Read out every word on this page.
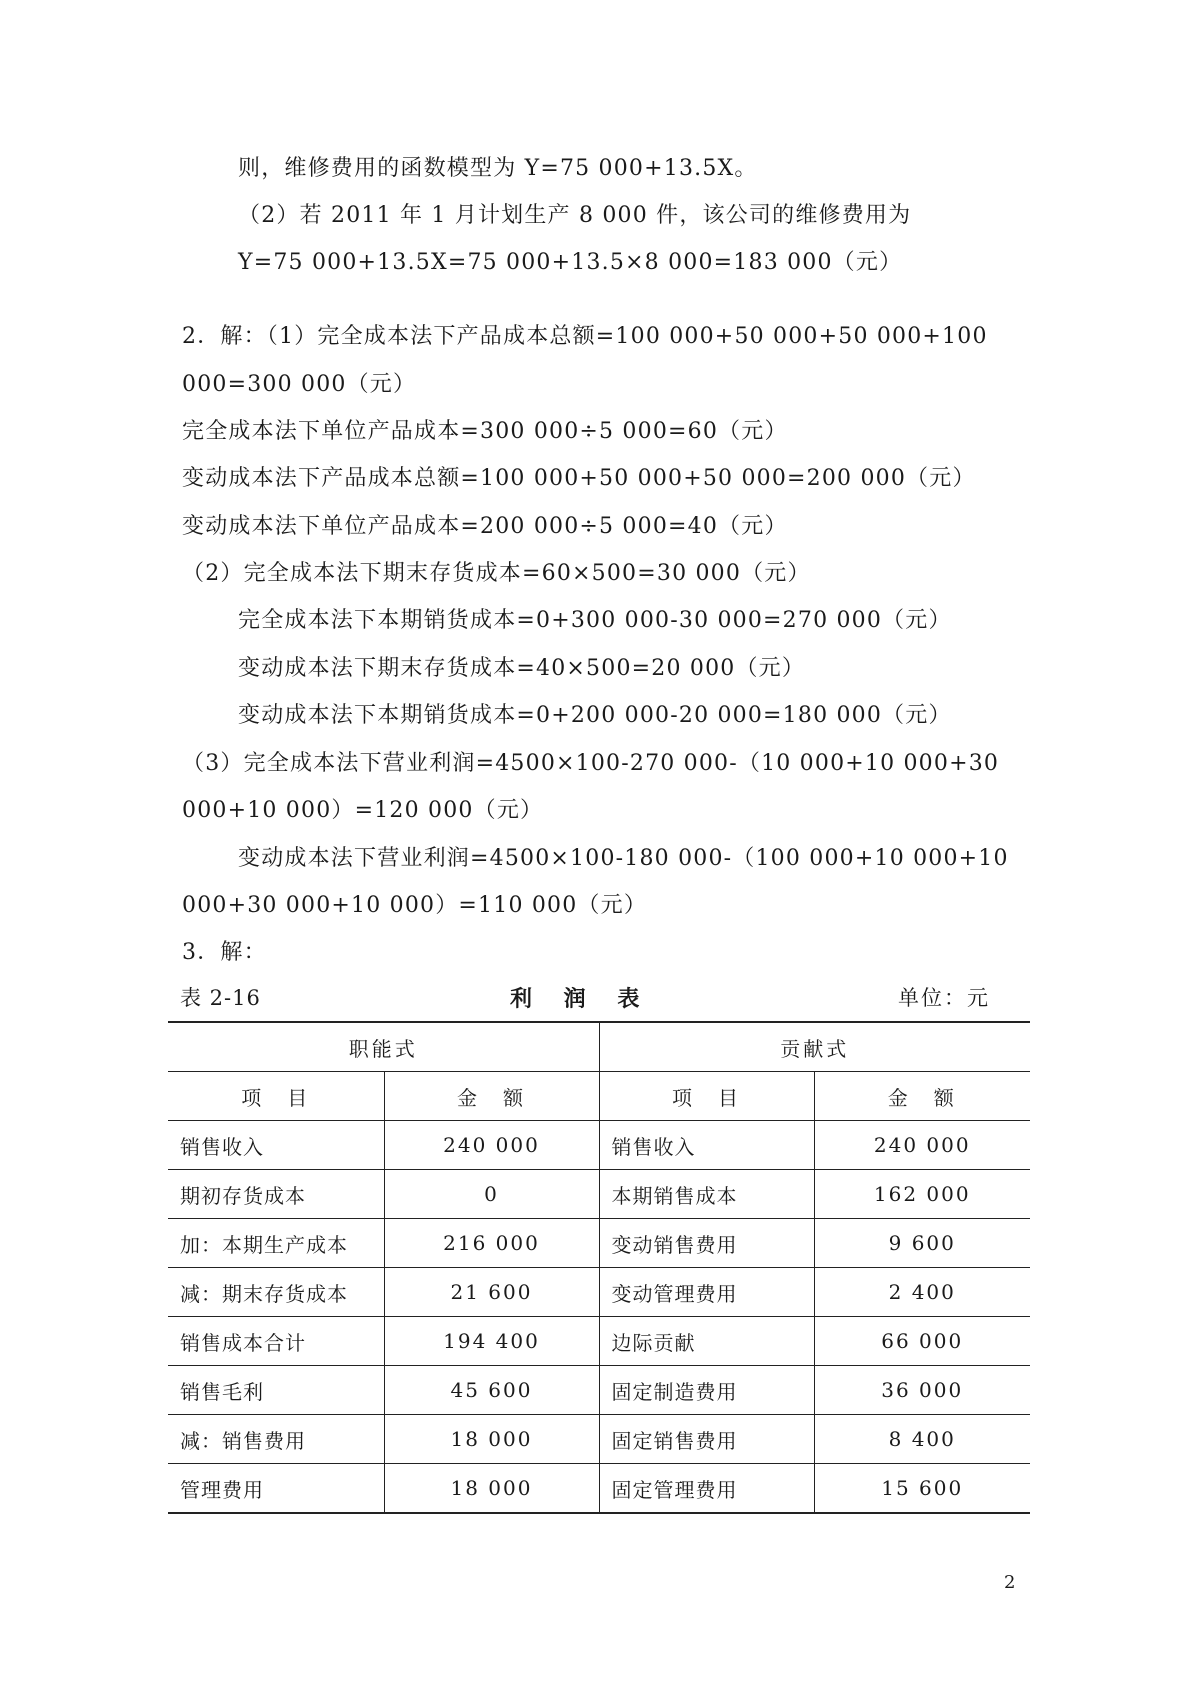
则，维修费用的函数模型为 Y=75 000+13.5X。
（2）若 2011 年 1 月计划生产 8 000 件，该公司的维修费用为
Y=75 000+13.5X=75 000+13.5×8 000=183 000（元）
2．解：（1）完全成本法下产品成本总额=100 000+50 000+50 000+100
000=300 000（元）
完全成本法下单位产品成本=300 000÷5 000=60（元）
变动成本法下产品成本总额=100 000+50 000+50 000=200 000（元）
变动成本法下单位产品成本=200 000÷5 000=40（元）
（2）完全成本法下期末存货成本=60×500=30 000（元）
完全成本法下本期销货成本=0+300 000-30 000=270 000（元）
变动成本法下期末存货成本=40×500=20 000（元）
变动成本法下本期销货成本=0+200 000-20 000=180 000（元）
（3）完全成本法下营业利润=4500×100-270 000-（10 000+10 000+30
000+10 000）=120 000（元）
变动成本法下营业利润=4500×100-180 000-（100 000+10 000+10
000+30 000+10 000）=110 000（元）
3．解：
表 2-16	利 润 表	单位：元
职能式		贡献式	
项　目	金　额	项　目	金　额
销售收入	240 000	销售收入	240 000
期初存货成本	0	本期销售成本	162 000
加：本期生产成本	216 000	变动销售费用	9 600
减：期末存货成本	21 600	变动管理费用	2 400
销售成本合计	194 400	边际贡献	66 000
销售毛利	45 600	固定制造费用	36 000
减：销售费用	18 000	固定销售费用	8 400
管理费用	18 000	固定管理费用	15 600
2
